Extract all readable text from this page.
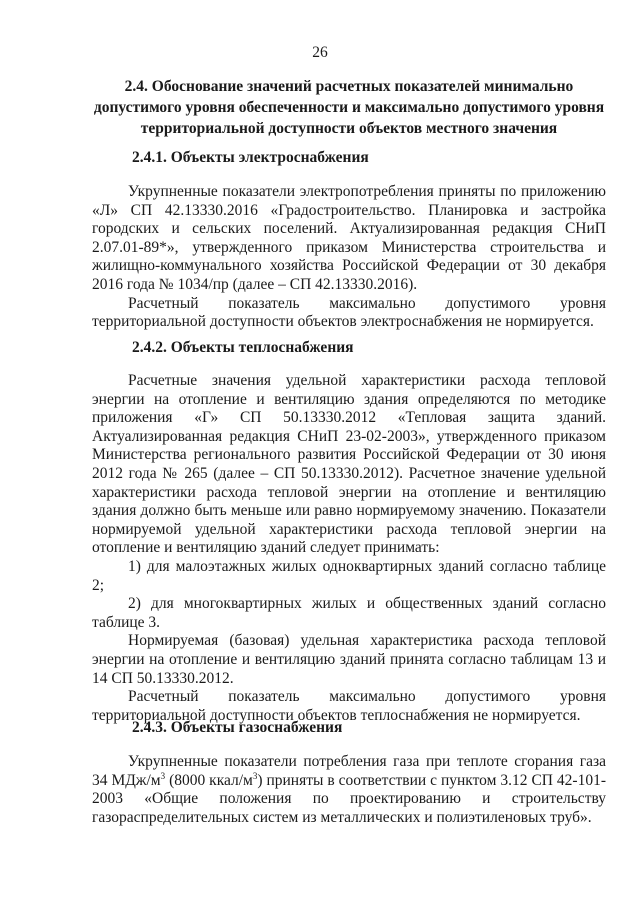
26
2.4. Обоснование значений расчетных показателей минимально допустимого уровня обеспеченности и максимально допустимого уровня территориальной доступности объектов местного значения
2.4.1. Объекты электроснабжения

Укрупненные показатели электропотребления приняты по приложению «Л» СП 42.13330.2016 «Градостроительство. Планировка и застройка городских и сельских поселений. Актуализированная редакция СНиП 2.07.01-89*», утвержденного приказом Министерства строительства и жилищно-коммунального хозяйства Российской Федерации от 30 декабря 2016 года № 1034/пр (далее – СП 42.13330.2016).

Расчетный показатель максимально допустимого уровня территориальной доступности объектов электроснабжения не нормируется.

2.4.2. Объекты теплоснабжения

Расчетные значения удельной характеристики расхода тепловой энергии на отопление и вентиляцию здания определяются по методике приложения «Г» СП 50.13330.2012 «Тепловая защита зданий. Актуализированная редакция СНиП 23-02-2003», утвержденного приказом Министерства регионального развития Российской Федерации от 30 июня 2012 года № 265 (далее – СП 50.13330.2012). Расчетное значение удельной характеристики расхода тепловой энергии на отопление и вентиляцию здания должно быть меньше или равно нормируемому значению. Показатели нормируемой удельной характеристики расхода тепловой энергии на отопление и вентиляцию зданий следует принимать:

1) для малоэтажных жилых одноквартирных зданий согласно таблице 2;

2) для многоквартирных жилых и общественных зданий согласно таблице 3.

Нормируемая (базовая) удельная характеристика расхода тепловой энергии на отопление и вентиляцию зданий принята согласно таблицам 13 и 14 СП 50.13330.2012.

Расчетный показатель максимально допустимого уровня территориальной доступности объектов теплоснабжения не нормируется.

2.4.3. Объекты газоснабжения

Укрупненные показатели потребления газа при теплоте сгорания газа 34 МДж/$м^3$ (8000 ккал/$м^3$) приняты в соответствии с пунктом 3.12 СП 42-101-2003 «Общие положения по проектированию и строительству газораспределительных систем из металлических и полиэтиленовых труб».
